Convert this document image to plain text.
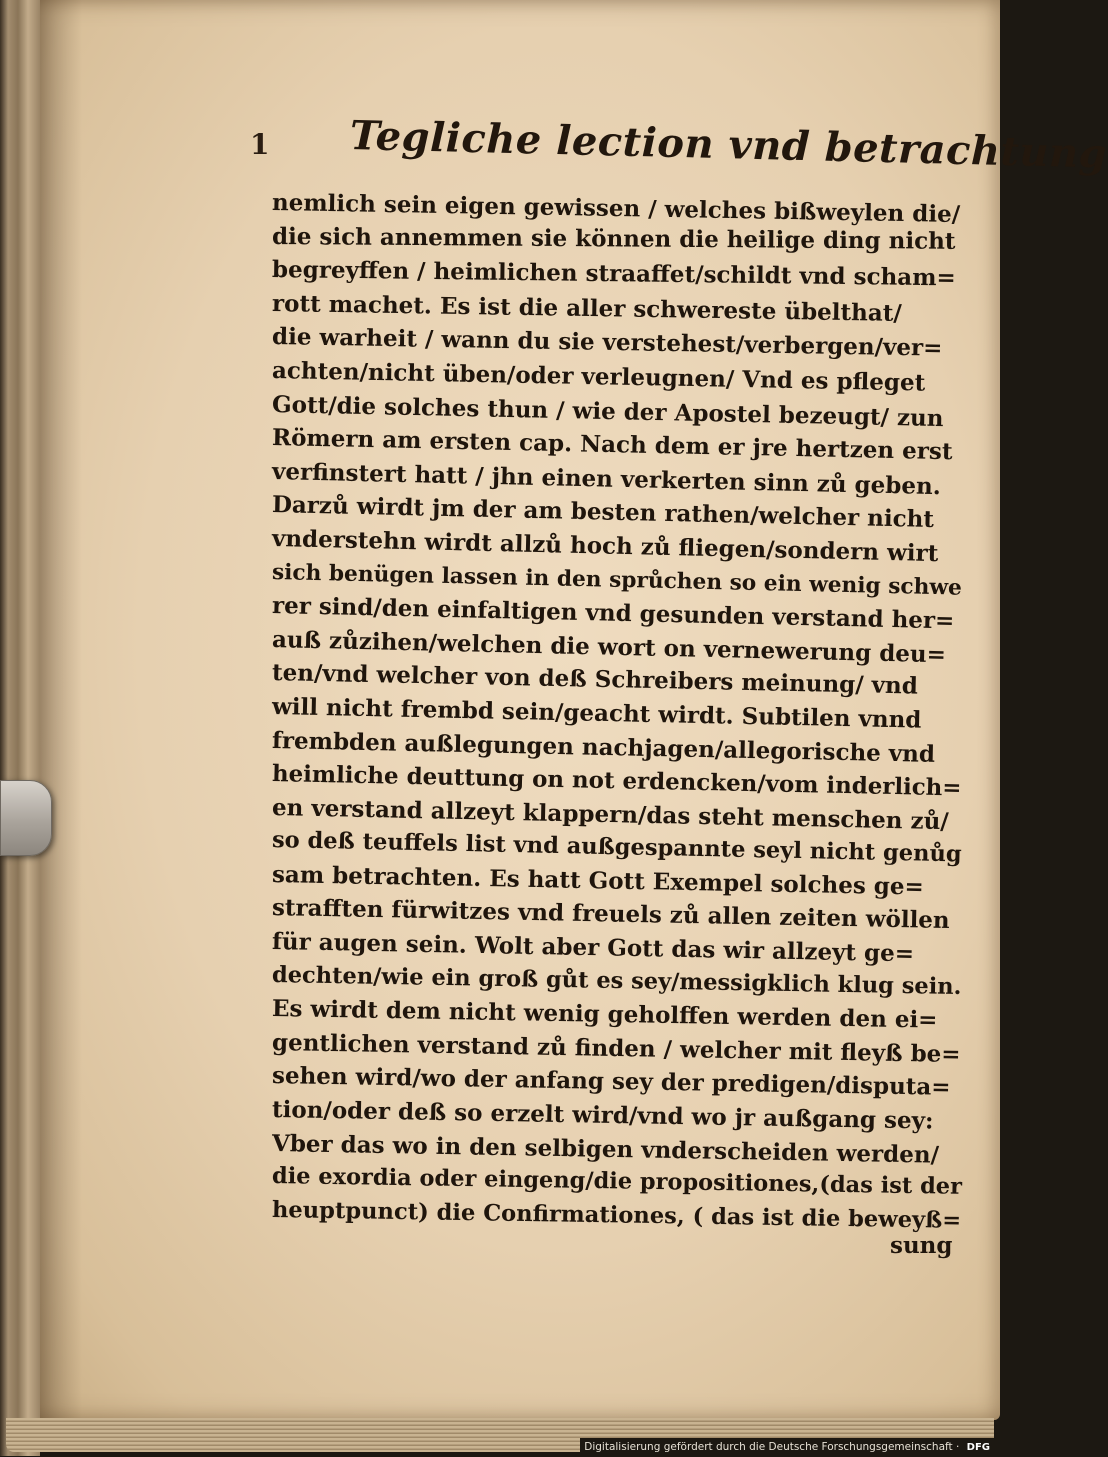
1 Tegliche lection vnd betrachtung
nemlich sein eigen gewissen / welches bißweylen die/
die sich annemmen sie können die heilige ding nicht
begreyffen / heimlichen straaffet/schildt vnd scham=
rott machet. Es ist die aller schwereste übelthat/
die warheit / wann du sie verstehest/verbergen/ver=
achten/nicht üben/oder verleugnen/ Vnd es pfleget
Gott/die solches thun / wie der Apostel bezeugt/ zun
Römern am ersten cap. Nach dem er jre hertzen erst
verfinstert hatt / jhn einen verkerten sinn zů geben.
Darzů wirdt jm der am besten rathen/welcher nicht
vnderstehn wirdt allzů hoch zů fliegen/sondern wirt
sich benügen lassen in den sprůchen so ein wenig schwe
rer sind/den einfaltigen vnd gesunden verstand her=
auß zůzihen/welchen die wort on vernewerung deu=
ten/vnd welcher von deß Schreibers meinung/ vnd
will nicht frembd sein/geacht wirdt. Subtilen vnnd
frembden außlegungen nachjagen/allegorische vnd
heimliche deuttung on not erdencken/vom inderlich=
en verstand allzeyt klappern/das steht menschen zů/
so deß teuffels list vnd außgespannte seyl nicht genůg
sam betrachten. Es hatt Gott Exempel solches ge=
strafften fürwitzes vnd freuels zů allen zeiten wöllen
für augen sein. Wolt aber Gott das wir allzeyt ge=
dechten/wie ein groß gůt es sey/messigklich klug sein.
Es wirdt dem nicht wenig geholffen werden den ei=
gentlichen verstand zů finden / welcher mit fleyß be=
sehen wird/wo der anfang sey der predigen/disputa=
tion/oder deß so erzelt wird/vnd wo jr außgang sey:
Vber das wo in den selbigen vnderscheiden werden/
die exordia oder eingeng/die propositiones,(das ist der
heuptpunct) die Confirmationes, ( das ist die beweyß=
sung
Digitalisierung gefördert durch die Deutsche Forschungsgemeinschaft · DFG
